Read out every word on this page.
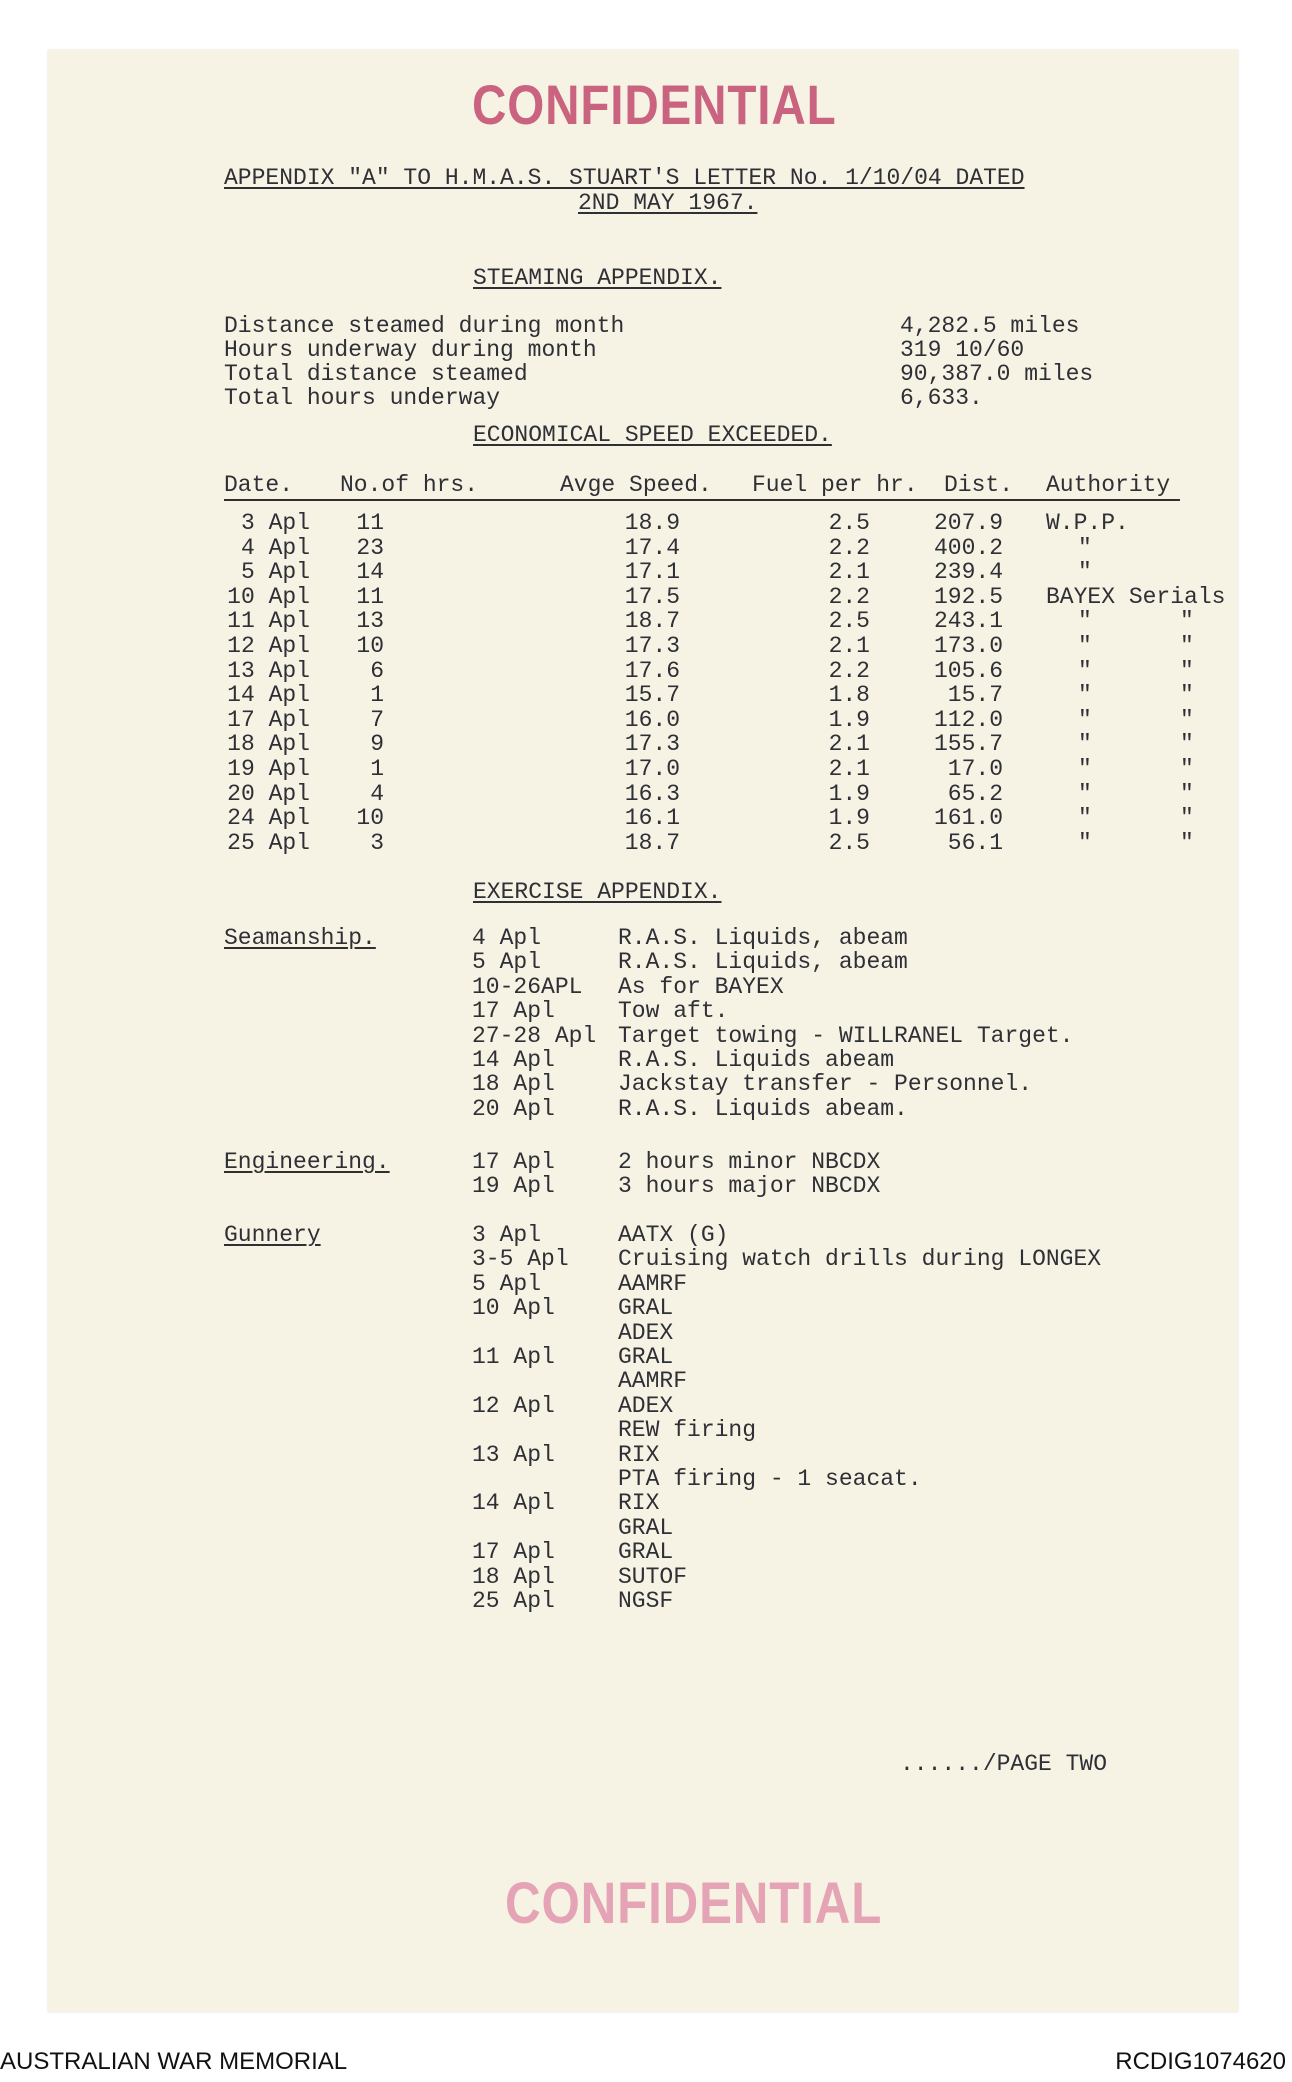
CONFIDENTIAL
APPENDIX "A" TO H.M.A.S. STUART'S LETTER No. 1/10/04 DATED
2ND MAY 1967.
STEAMING APPENDIX.
Distance steamed during month	4,282.5 miles
Hours underway during month	319 10/60
Total distance steamed	90,387.0 miles
Total hours underway	6,633.
ECONOMICAL SPEED EXCEEDED.
Date. No.of hrs.	Avge Speed. Fuel per hr. Dist. Authority
3 Apl 11	18.9	2.5	207.9 W.P.P.
4 Apl 23	17.4	2.2	400.2	"
5 Apl 14	17.1	2.1	239.4	"
10 Apl 11	17.5	2.2	192.5 BAYEX Serials
11 Apl 13	18.7	2.5	243.1	"	"
12 Apl 10	17.3	2.1	173.0	"	"
13 Apl	6	17.6	2.2	105.6	"	"
14 Apl	1	15.7	1.8	15.7	"	"
17 Apl	7	16.0	1.9	112.0	"	"
18 Apl	9	17.3	2.1	155.7	"	"
19 Apl	1	17.0	2.1	17.0	"	"
20 Apl	4	16.3	1.9	65.2	"	"
24 Apl 10	16.1	1.9	161.0	"	"
25 Apl	3	18.7	2.5	56.1	"	"
EXERCISE APPENDIX.
Seamanship.	4 Apl	R.A.S. Liquids, abeam
5 Apl	R.A.S. Liquids, abeam
10-26APL As for BAYEX
17 Apl	Tow aft.
27-28 Apl Target towing - WILLRANEL Target.
14 Apl	R.A.S. Liquids abeam
18 Apl	Jackstay transfer - Personnel.
20 Apl	R.A.S. Liquids abeam.
Engineering.	17 Apl	2 hours minor NBCDX
19 Apl	3 hours major NBCDX
Gunnery	3 Apl	AATX (G)
3-5 Apl Cruising watch drills during LONGEX
5 Apl	AAMRF
10 Apl	GRAL
ADEX
11 Apl	GRAL
AAMRF
12 Apl	ADEX
REW firing
13 Apl	RIX
PTA firing - 1 seacat.
14 Apl	RIX
GRAL
17 Apl	GRAL
18 Apl	SUTOF
25 Apl	NGSF
....../PAGE TWO
CONFIDENTIAL
AUSTRALIAN WAR MEMORIAL	RCDIG1074620
